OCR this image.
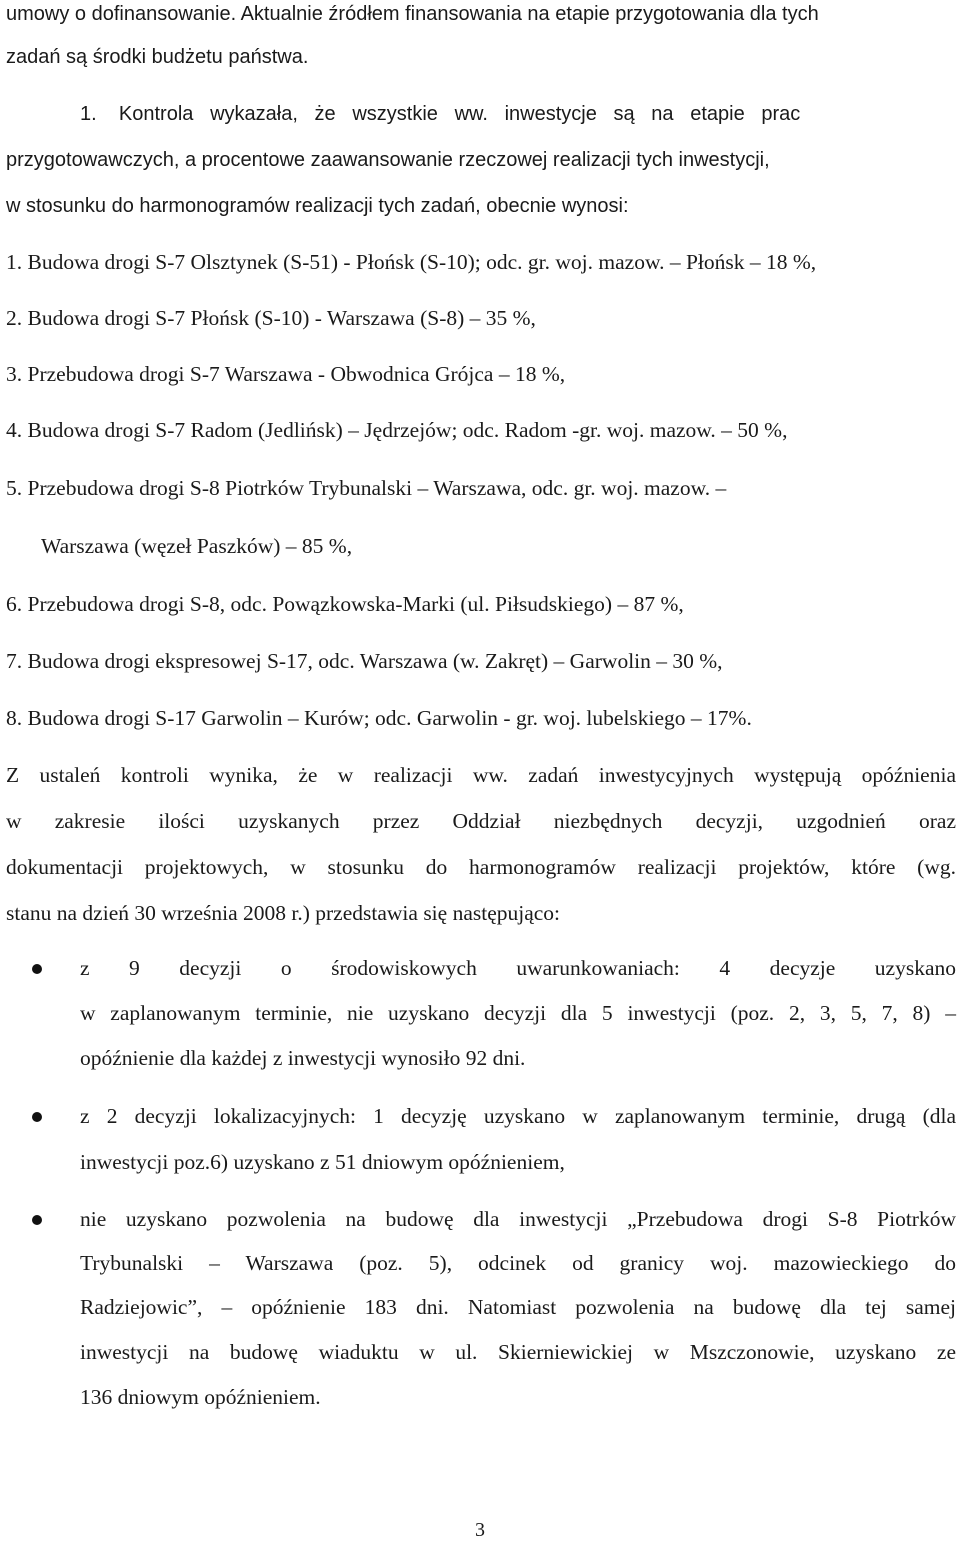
umowy o dofinansowanie. Aktualnie źródłem finansowania na etapie przygotowania dla tych
zadań są środki budżetu państwa.
1.    Kontrola   wykazała,   że   wszystkie   ww.   inwestycje   są   na   etapie   prac
przygotowawczych, a procentowe zaawansowanie rzeczowej realizacji tych inwestycji,
w stosunku do harmonogramów realizacji tych zadań, obecnie wynosi:
1. Budowa drogi S-7 Olsztynek (S-51) - Płońsk (S-10); odc. gr. woj. mazow. – Płońsk – 18 %,
2. Budowa drogi S-7 Płońsk (S-10) - Warszawa (S-8) – 35 %,
3. Przebudowa drogi S-7 Warszawa - Obwodnica Grójca – 18 %,
4. Budowa drogi S-7 Radom (Jedlińsk) – Jędrzejów; odc. Radom -gr. woj. mazow. – 50 %,
5. Przebudowa drogi S-8 Piotrków Trybunalski – Warszawa, odc. gr. woj. mazow. –
Warszawa (węzeł Paszków) – 85 %,
6. Przebudowa drogi S-8, odc. Powązkowska-Marki (ul. Piłsudskiego) – 87 %,
7. Budowa drogi ekspresowej S-17, odc. Warszawa (w. Zakręt) – Garwolin – 30 %,
8. Budowa drogi S-17 Garwolin – Kurów; odc. Garwolin - gr. woj. lubelskiego – 17%.
Z ustaleń kontroli wynika, że w realizacji ww. zadań inwestycyjnych występują opóźnienia
w zakresie ilości uzyskanych przez Oddział niezbędnych decyzji, uzgodnień oraz
dokumentacji projektowych, w stosunku do harmonogramów realizacji projektów, które (wg.
stanu na dzień 30 września 2008 r.) przedstawia się następująco:
z 9 decyzji o środowiskowych uwarunkowaniach: 4 decyzje uzyskano
w zaplanowanym terminie, nie uzyskano decyzji dla 5 inwestycji (poz. 2, 3, 5, 7, 8) –
opóźnienie dla każdej z inwestycji wynosiło 92 dni.
z 2 decyzji lokalizacyjnych: 1 decyzję uzyskano w zaplanowanym terminie, drugą (dla
inwestycji poz.6) uzyskano z 51 dniowym opóźnieniem,
nie uzyskano pozwolenia na budowę dla inwestycji „Przebudowa drogi S-8 Piotrków
Trybunalski – Warszawa (poz. 5), odcinek od granicy woj. mazowieckiego do
Radziejowic”, – opóźnienie 183 dni. Natomiast pozwolenia na budowę dla tej samej
inwestycji na budowę wiaduktu w ul. Skierniewickiej w Mszczonowie, uzyskano ze
136 dniowym opóźnieniem.
3
